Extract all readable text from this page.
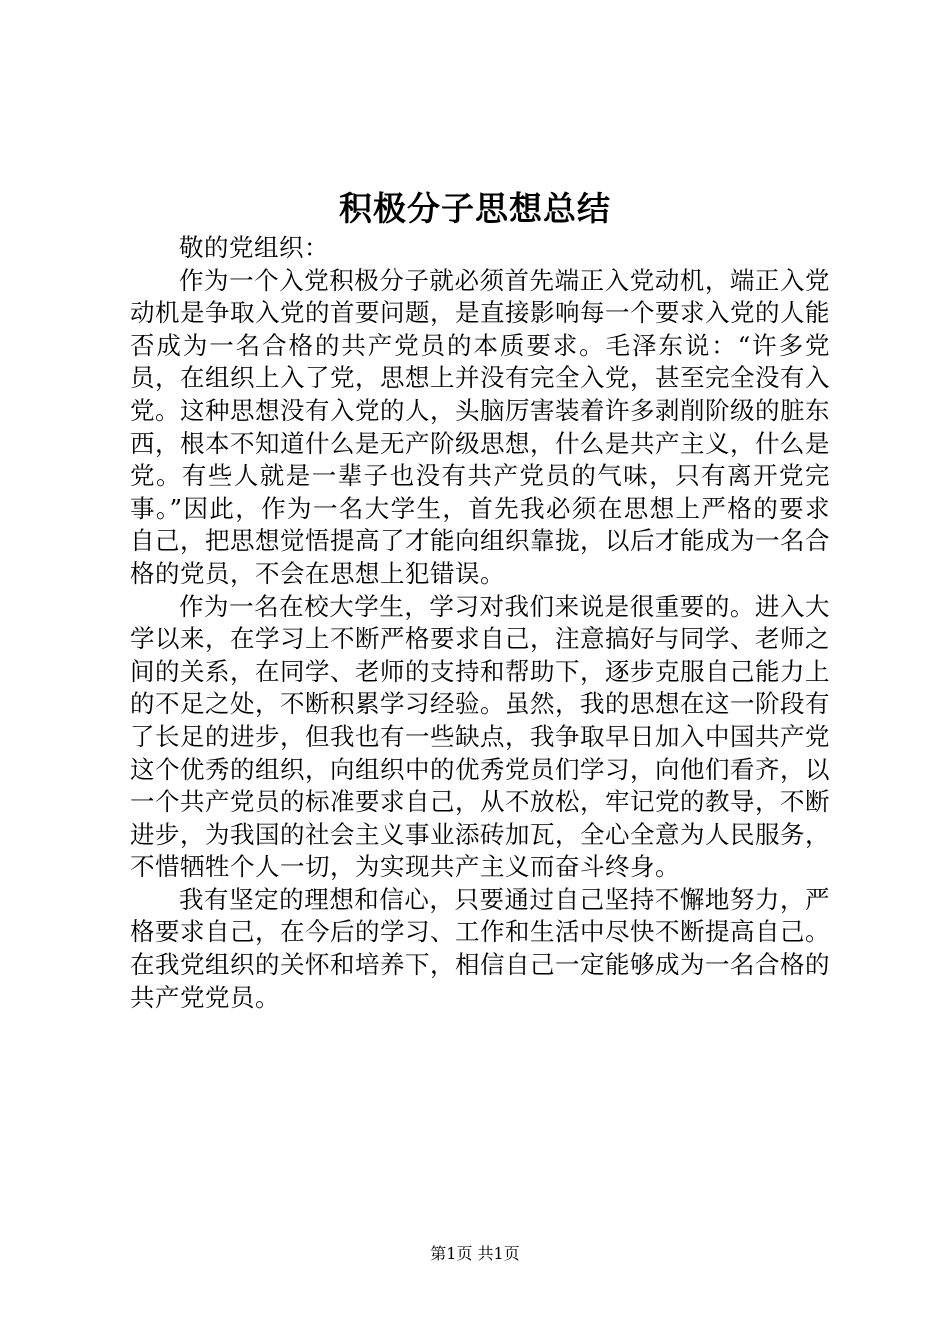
积极分子思想总结

敬的党组织：

作为一个入党积极分子就必须首先端正入党动机，端正入党动机是争取入党的首要问题，是直接影响每一个要求入党的人能否成为一名合格的共产党员的本质要求。毛泽东说：“许多党员，在组织上入了党，思想上并没有完全入党，甚至完全没有入党。这种思想没有入党的人，头脑厉害装着许多剥削阶级的脏东西，根本不知道什么是无产阶级思想，什么是共产主义，什么是党。有些人就是一辈子也没有共产党员的气味，只有离开党完事。”因此，作为一名大学生，首先我必须在思想上严格的要求自己，把思想觉悟提高了才能向组织靠拢，以后才能成为一名合格的党员，不会在思想上犯错误。

作为一名在校大学生，学习对我们来说是很重要的。进入大学以来，在学习上不断严格要求自己，注意搞好与同学、老师之间的关系，在同学、老师的支持和帮助下，逐步克服自己能力上的不足之处，不断积累学习经验。虽然，我的思想在这一阶段有了长足的进步，但我也有一些缺点，我争取早日加入中国共产党这个优秀的组织，向组织中的优秀党员们学习，向他们看齐，以一个共产党员的标准要求自己，从不放松，牢记党的教导，不断进步，为我国的社会主义事业添砖加瓦，全心全意为人民服务，不惜牺牲个人一切，为实现共产主义而奋斗终身。

我有坚定的理想和信心，只要通过自己坚持不懈地努力，严格要求自己，在今后的学习、工作和生活中尽快不断提高自己。在我党组织的关怀和培养下，相信自己一定能够成为一名合格的共产党党员。

第1页 共1页
